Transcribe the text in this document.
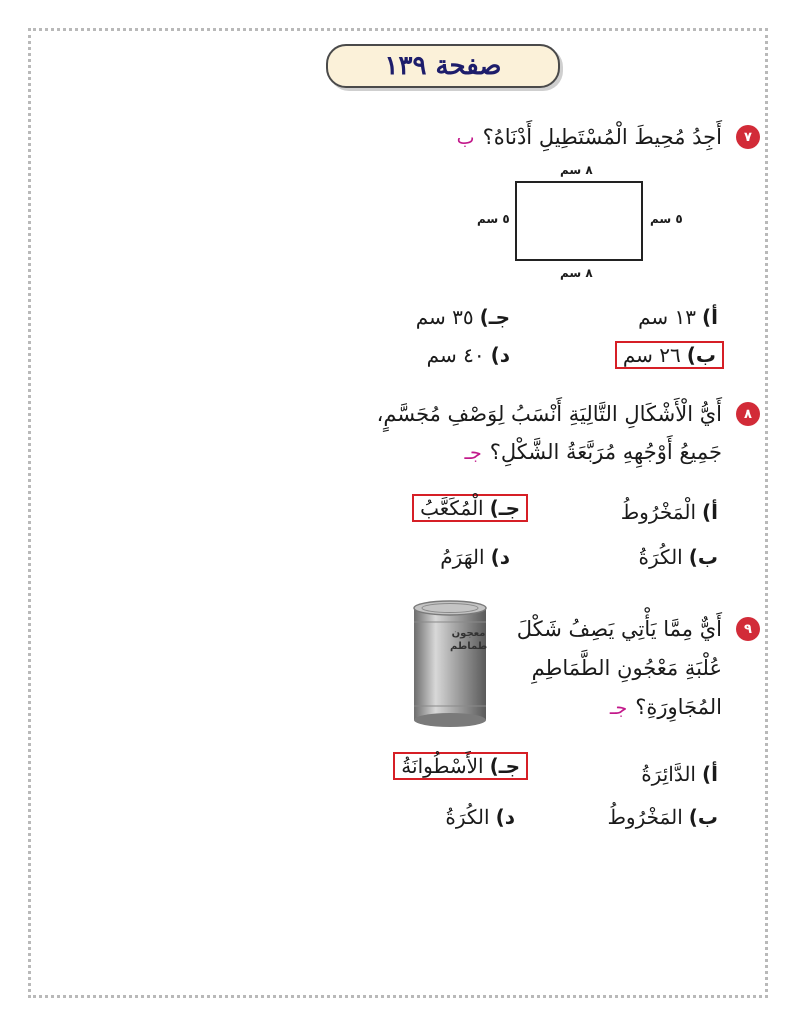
صفحة ١٣٩
٧
أَجِدُ مُحِيطَ الْمُسْتَطِيلِ أَدْنَاهُ؟ب
٨ سم
٥ سم	٥ سم
٨ سم
أ)١٣ سم
جـ)٣٥ سم
ب)٢٦ سم
د)٤٠ سم
٨
أَيُّ الْأَشْكَالِ التَّالِيَةِ أَنْسَبُ لِوَصْفِ مُجَسَّمٍ،
جَمِيعُ أَوْجُهِهِ مُرَبَّعَةُ الشَّكْلِ؟جـ
أ)الْمَخْرُوطُ
جـ)الْمُكَعَّبُ
ب)الكُرَةُ
د)الهَرَمُ
٩
أَيٌّ مِمَّا يَأْتِي يَصِفُ شَكْلَ
عُلْبَةِ مَعْجُونِ الطَّمَاطِمِ
المُجَاوِرَةِ؟جـ
معجون
طماطم
أ)الدَّائِرَةُ
جـ)الأَسْطُوانَةُ
ب)المَخْرُوطُ
د)الكُرَةُ
